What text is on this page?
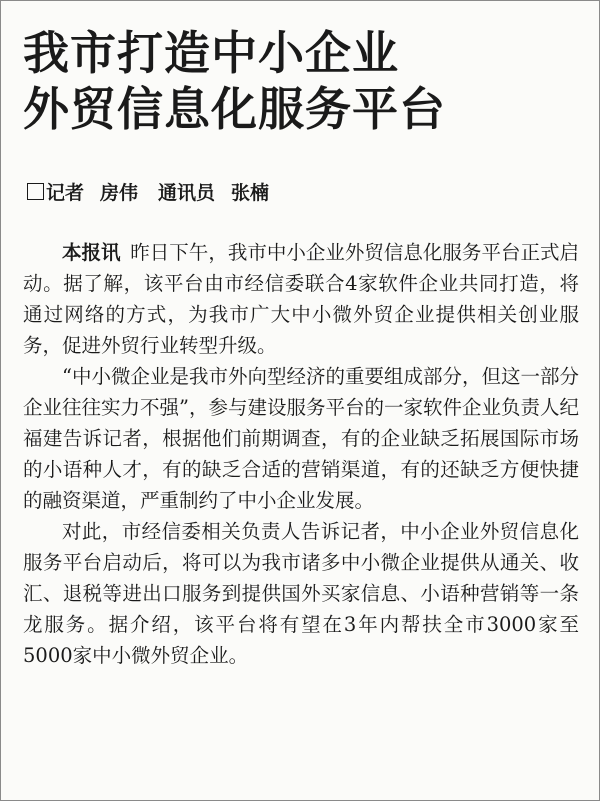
我市打造中小企业
外贸信息化服务平台
记者 房伟 通讯员 张楠

本报讯 昨日下午，我市中小企业外贸信息化服务平台正式启动。据了解，该平台由市经信委联合4家软件企业共同打造，将通过网络的方式，为我市广大中小微外贸企业提供相关创业服务，促进外贸行业转型升级。

“中小微企业是我市外向型经济的重要组成部分，但这一部分企业往往实力不强”，参与建设服务平台的一家软件企业负责人纪福建告诉记者，根据他们前期调查，有的企业缺乏拓展国际市场的小语种人才，有的缺乏合适的营销渠道，有的还缺乏方便快捷的融资渠道，严重制约了中小企业发展。

对此，市经信委相关负责人告诉记者，中小企业外贸信息化服务平台启动后，将可以为我市诸多中小微企业提供从通关、收汇、退税等进出口服务到提供国外买家信息、小语种营销等一条龙服务。据介绍，该平台将有望在3年内帮扶全市3000家至5000家中小微外贸企业。
